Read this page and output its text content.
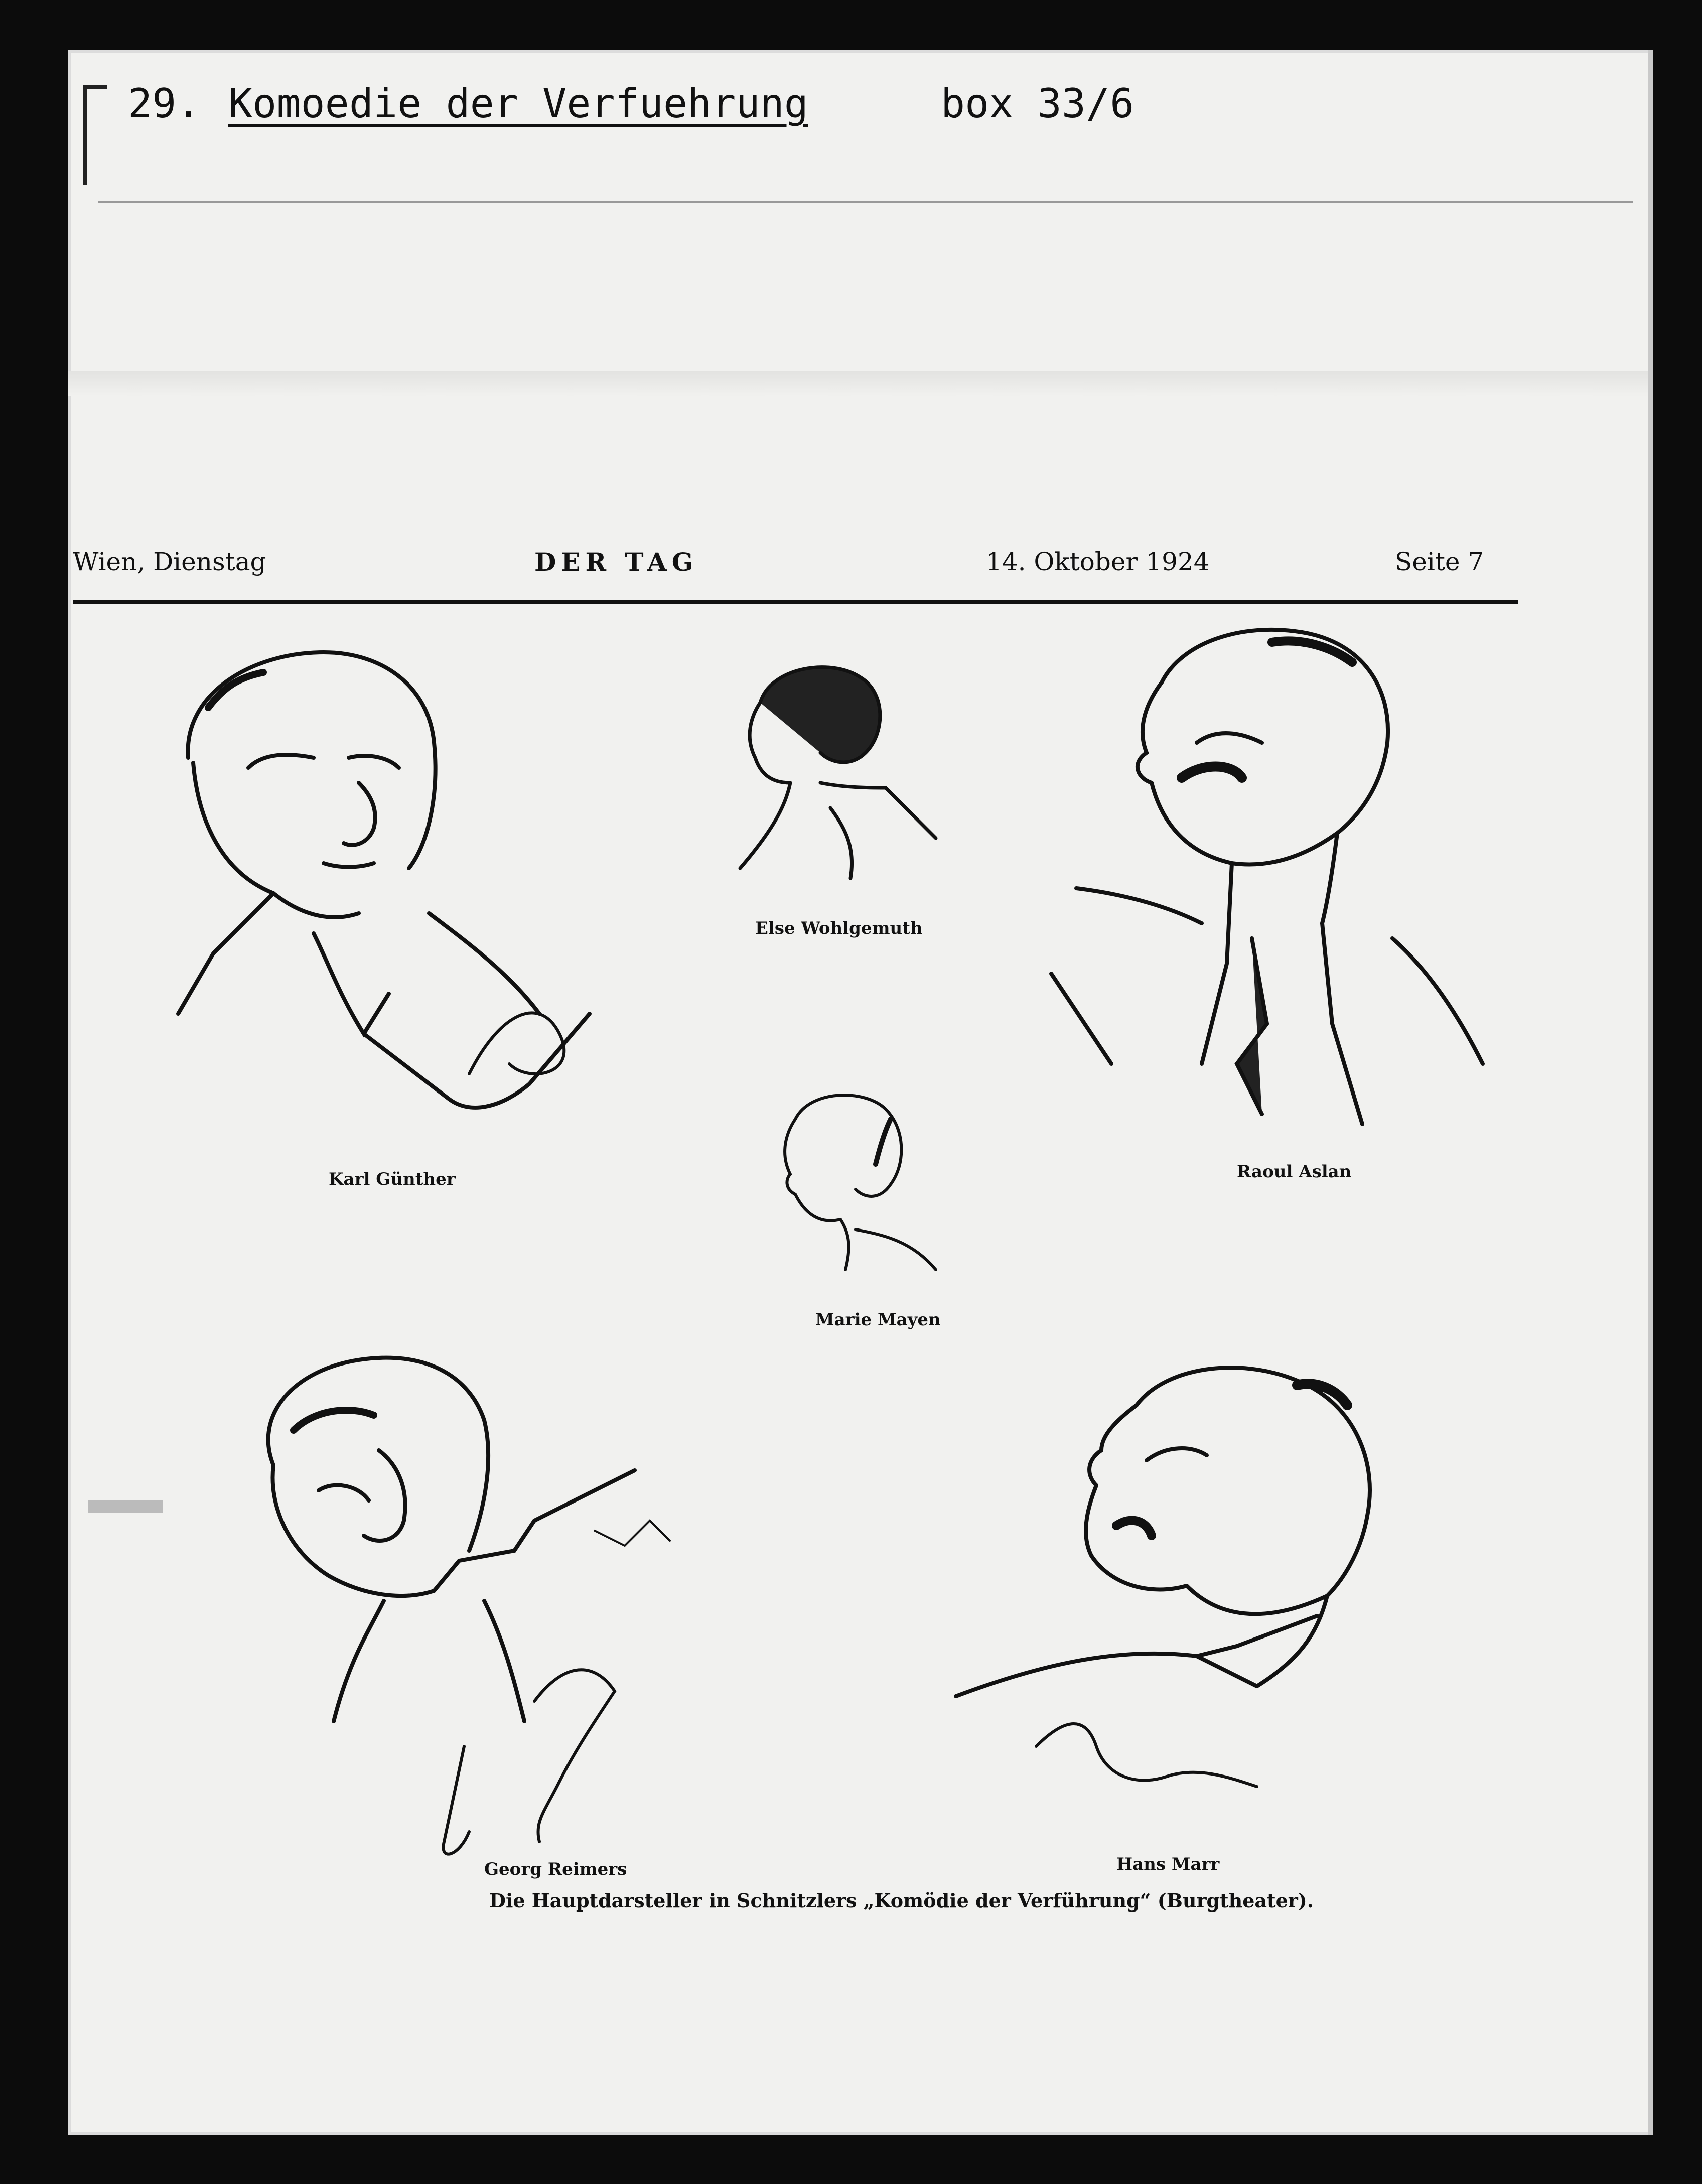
29. Komoedie der Verfuehrung	box 33/6
Wien, Dienstag	DER TAG	14. Oktober 1924	Seite 7
Karl Günther
Else Wohlgemuth
Raoul Aslan
Marie Mayen
Georg Reimers	Hans Marr
Die Hauptdarsteller in Schnitzlers „Komödie der Verführung“ (Burgtheater).
